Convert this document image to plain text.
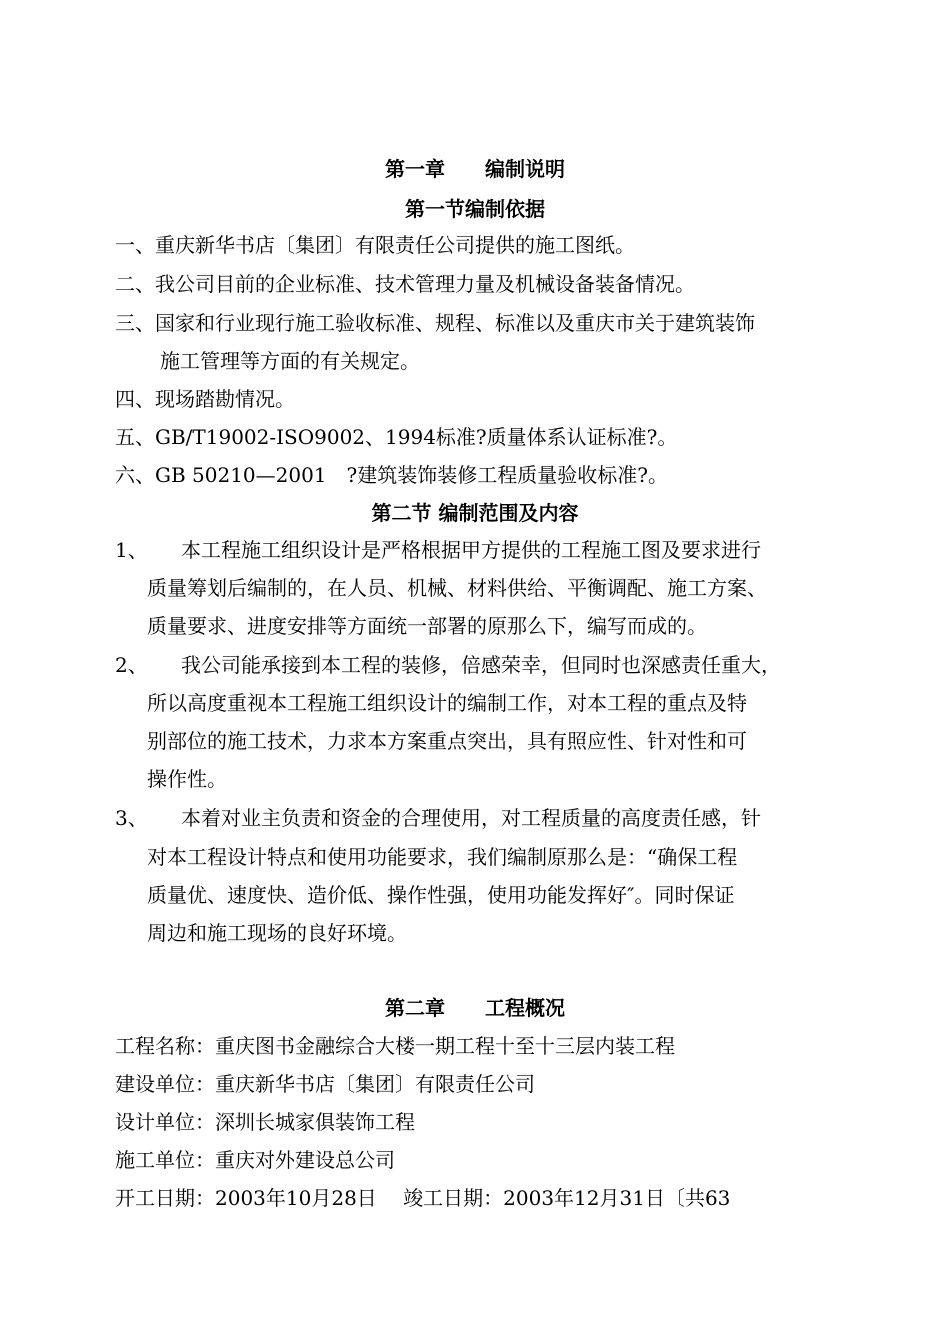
第一章　　编制说明
第一节编制依据
一、重庆新华书店〔集团〕有限责任公司提供的施工图纸。
二、我公司目前的企业标准、技术管理力量及机械设备装备情况。
三、国家和行业现行施工验收标准、规程、标准以及重庆市关于建筑装饰
施工管理等方面的有关规定。
四、现场踏勘情况。
五、GB/T19002-ISO9002、1994标准?质量体系认证标准?。
六、GB 50210—2001　?建筑装饰装修工程质量验收标准?。
第二节 编制范围及内容
1、 本工程施工组织设计是严格根据甲方提供的工程施工图及要求进行
质量筹划后编制的，在人员、机械、材料供给、平衡调配、施工方案、
质量要求、进度安排等方面统一部署的原那么下，编写而成的。
2、 我公司能承接到本工程的装修，倍感荣幸，但同时也深感责任重大，
所以高度重视本工程施工组织设计的编制工作，对本工程的重点及特
别部位的施工技术，力求本方案重点突出，具有照应性、针对性和可
操作性。
3、 本着对业主负责和资金的合理使用，对工程质量的高度责任感，针
对本工程设计特点和使用功能要求，我们编制原那么是：“确保工程
质量优、速度快、造价低、操作性强，使用功能发挥好″。同时保证
周边和施工现场的良好环境。
第二章　　工程概况
工程名称：重庆图书金融综合大楼一期工程十至十三层内装工程
建设单位：重庆新华书店〔集团〕有限责任公司
设计单位：深圳长城家俱装饰工程
施工单位：重庆对外建设总公司
开工日期：2003年10月28日　 竣工日期：2003年12月31日〔共63
